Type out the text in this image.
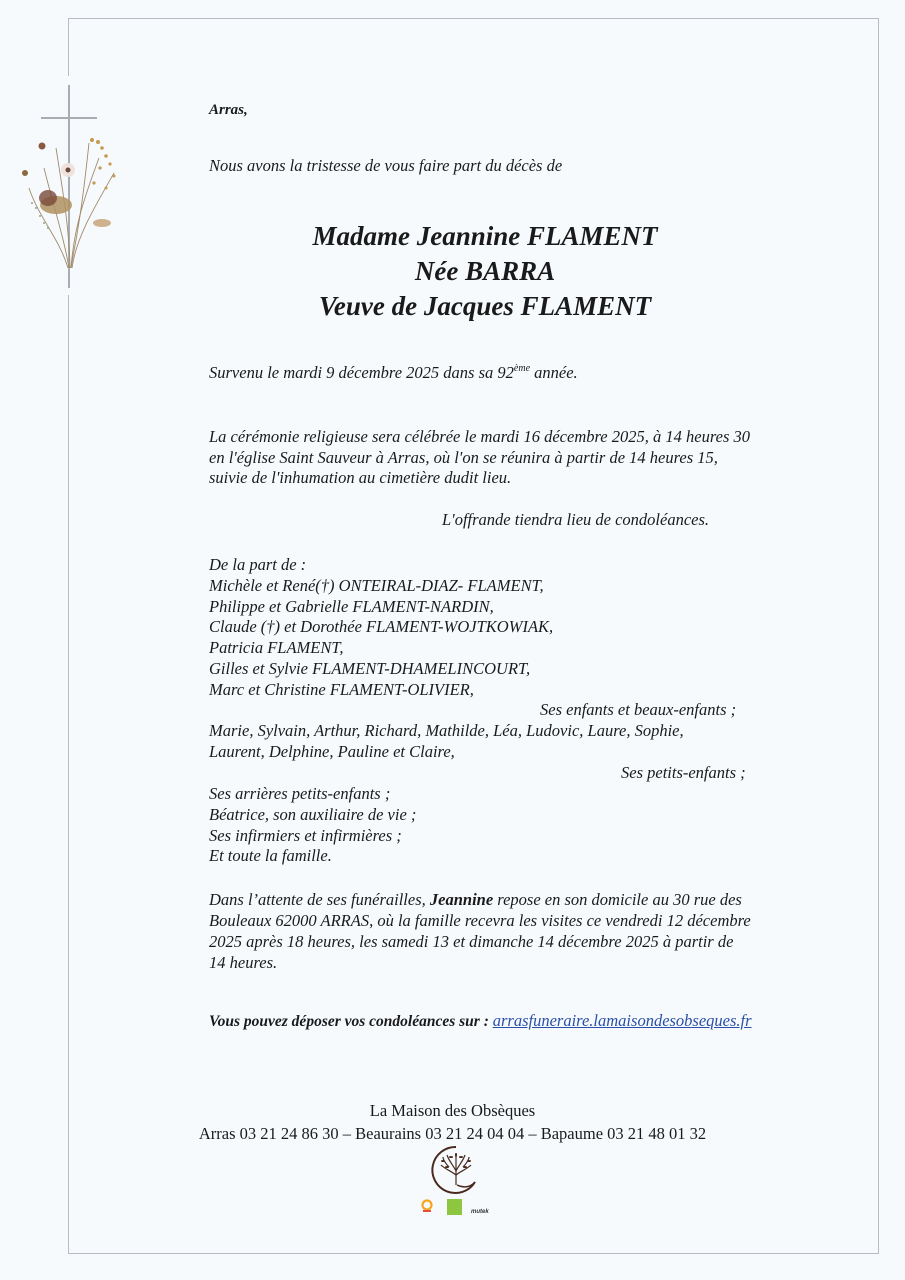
Arras,
Nous avons la tristesse de vous faire part du décès de
Madame Jeannine FLAMENT
Née BARRA
Veuve de Jacques FLAMENT
Survenu le mardi 9 décembre 2025 dans sa 92ème année.
La cérémonie religieuse sera célébrée le mardi 16 décembre 2025, à 14 heures 30
en l'église Saint Sauveur à Arras, où l'on se réunira à partir de 14 heures 15,
suivie de l'inhumation au cimetière dudit lieu.
L'offrande tiendra lieu de condoléances.
De la part de :
Michèle et René(†) ONTEIRAL-DIAZ- FLAMENT,
Philippe et Gabrielle FLAMENT-NARDIN,
Claude (†) et Dorothée FLAMENT-WOJTKOWIAK,
Patricia FLAMENT,
Gilles et Sylvie FLAMENT-DHAMELINCOURT,
Marc et Christine FLAMENT-OLIVIER,
Ses enfants et beaux-enfants ;
Marie, Sylvain, Arthur, Richard, Mathilde, Léa, Ludovic, Laure, Sophie,
Laurent, Delphine, Pauline et Claire,
Ses petits-enfants ;
Ses arrières petits-enfants ;
Béatrice, son auxiliaire de vie ;
Ses infirmiers et infirmières ;
Et toute la famille.
Dans l’attente de ses funérailles, Jeannine repose en son domicile au 30 rue des
Bouleaux 62000 ARRAS, où la famille recevra les visites ce vendredi 12 décembre
2025 après 18 heures, les samedi 13 et dimanche 14 décembre 2025 à partir de
14 heures.
Vous pouvez déposer vos condoléances sur : arrasfuneraire.lamaisondesobseques.fr
La Maison des Obsèques
Arras 03 21 24 86 30 – Beaurains 03 21 24 04 04 – Bapaume 03 21 48 01 32
mutek
